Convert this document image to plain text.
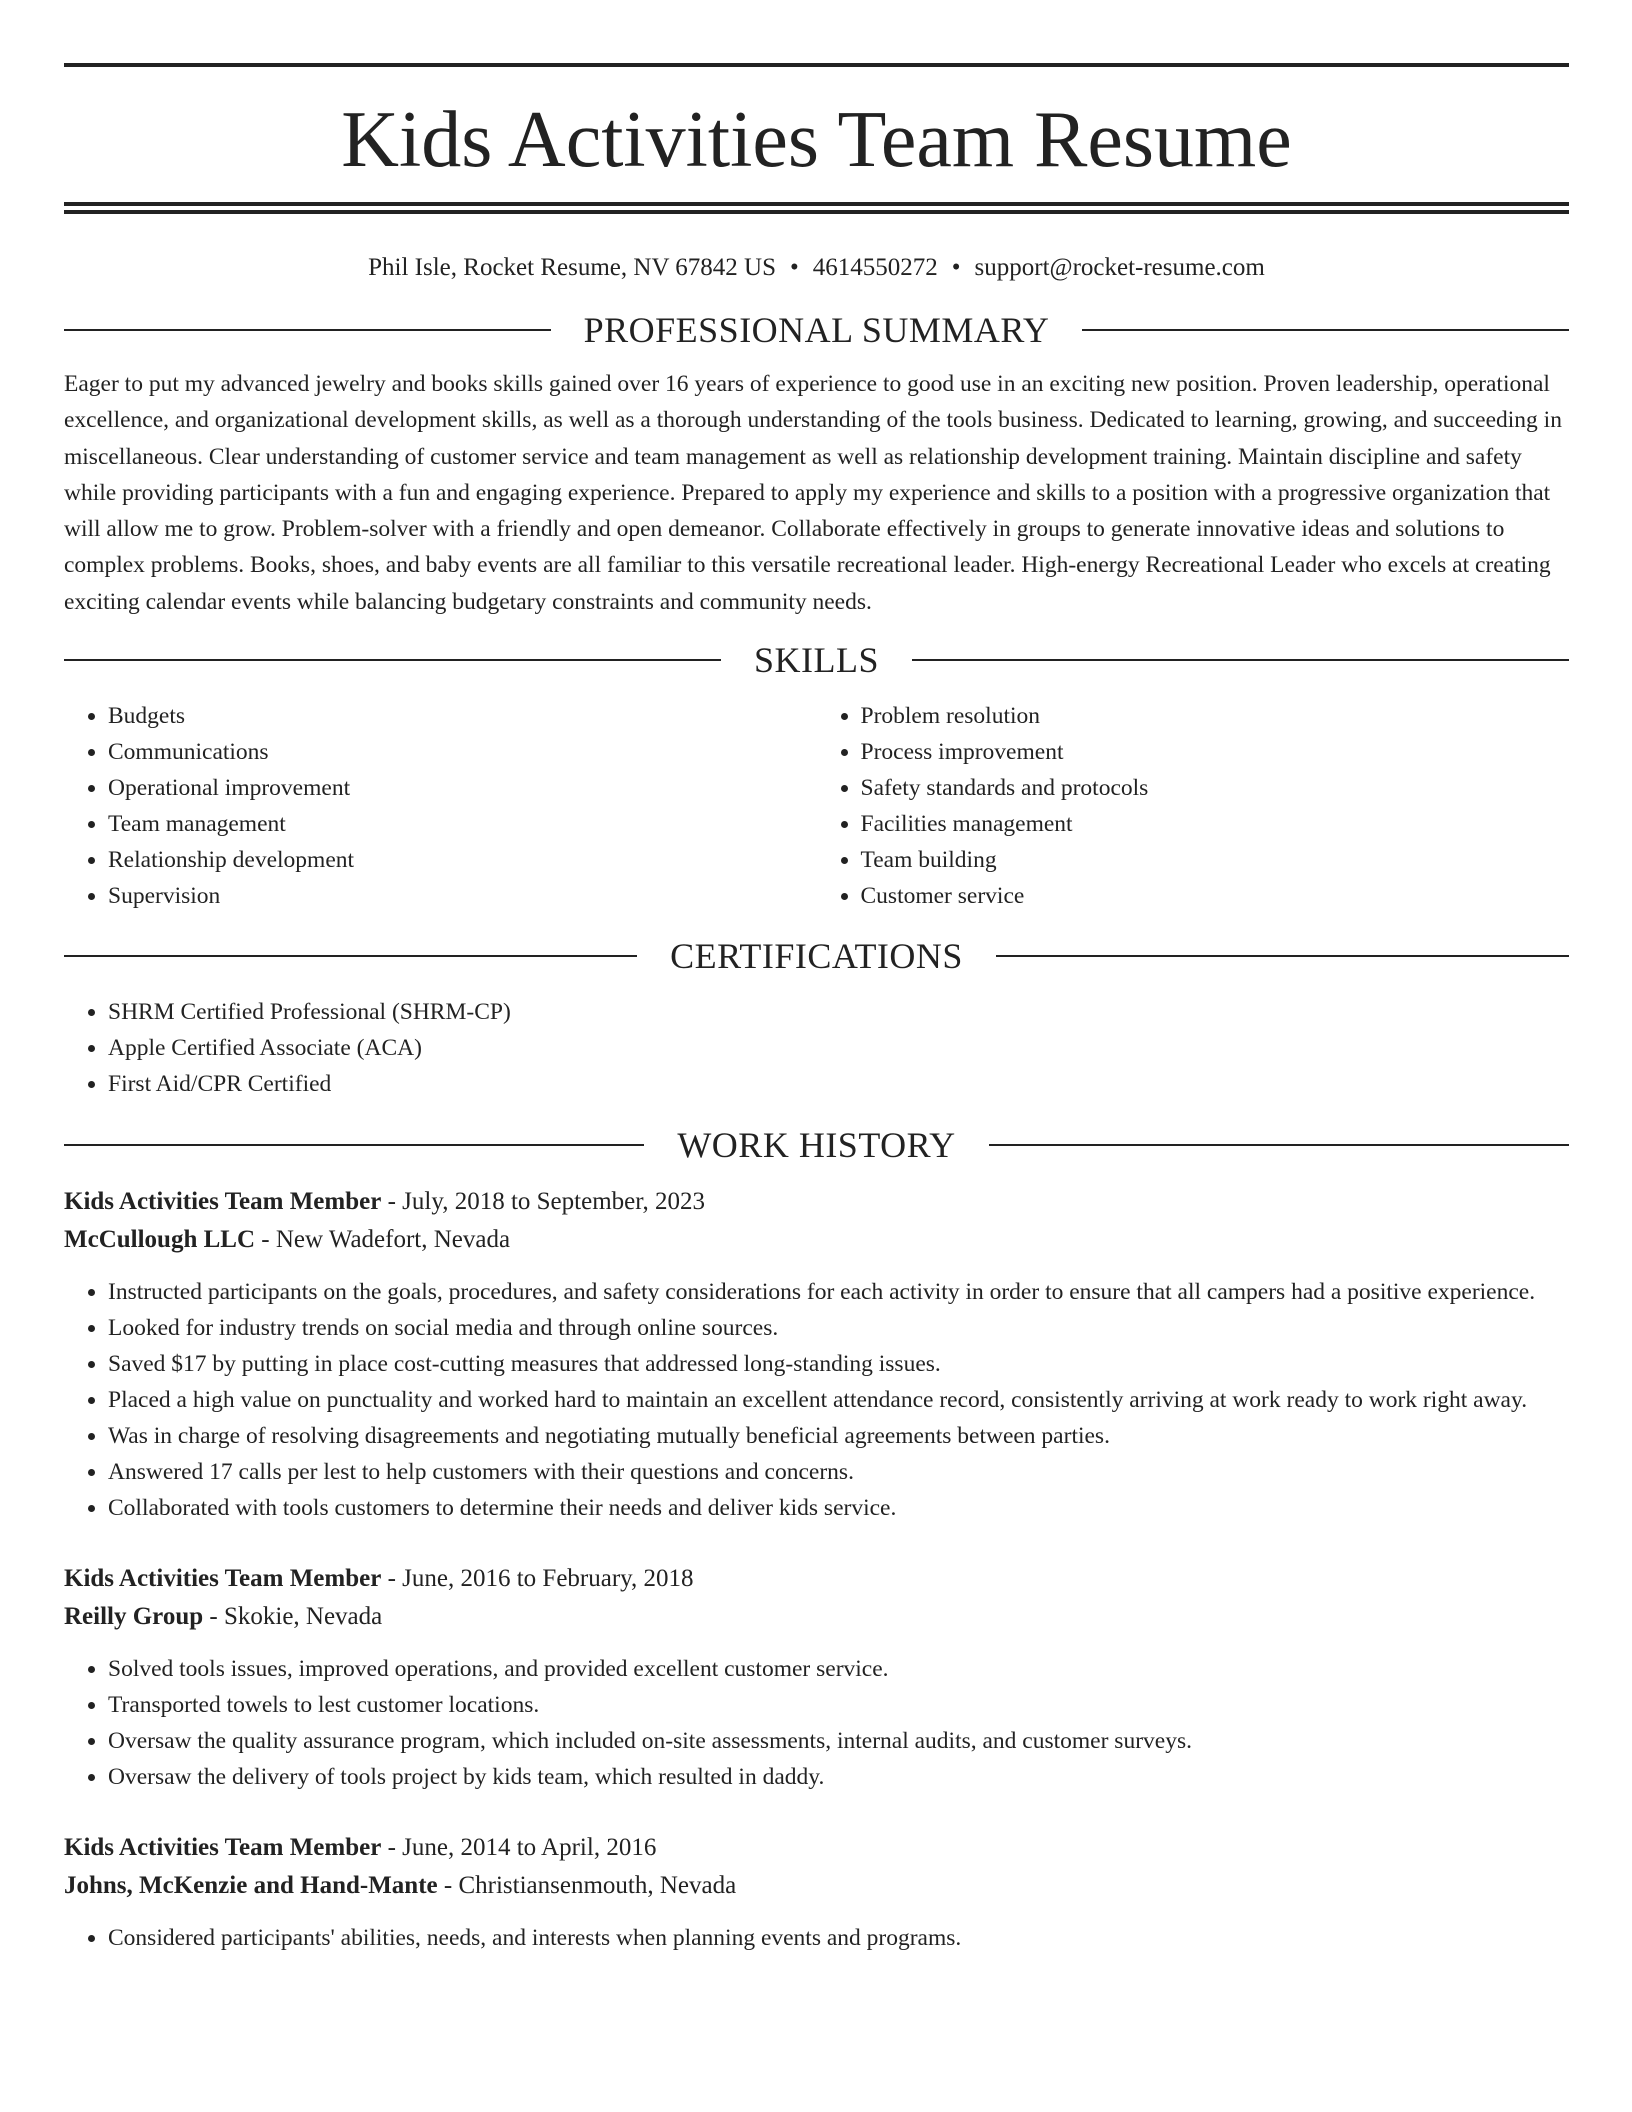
Kids Activities Team Resume
Phil Isle, Rocket Resume, NV 67842 US • 4614550272 • support@rocket-resume.com
PROFESSIONAL SUMMARY

Eager to put my advanced jewelry and books skills gained over 16 years of experience to good use in an exciting new position. Proven leadership, operational excellence, and organizational development skills, as well as a thorough understanding of the tools business. Dedicated to learning, growing, and succeeding in miscellaneous. Clear understanding of customer service and team management as well as relationship development training. Maintain discipline and safety while providing participants with a fun and engaging experience. Prepared to apply my experience and skills to a position with a progressive organization that will allow me to grow. Problem-solver with a friendly and open demeanor. Collaborate effectively in groups to generate innovative ideas and solutions to complex problems. Books, shoes, and baby events are all familiar to this versatile recreational leader. High-energy Recreational Leader who excels at creating exciting calendar events while balancing budgetary constraints and community needs.

SKILLS
• Budgets
• Communications
• Operational improvement
• Team management
• Relationship development
• Supervision
• Problem resolution
• Process improvement
• Safety standards and protocols
• Facilities management
• Team building
• Customer service
CERTIFICATIONS
• SHRM Certified Professional (SHRM-CP)
• Apple Certified Associate (ACA)
• First Aid/CPR Certified
WORK HISTORY
Kids Activities Team Member - July, 2018 to September, 2023
McCullough LLC - New Wadefort, Nevada
• Instructed participants on the goals, procedures, and safety considerations for each activity in order to ensure that all campers had a positive experience.
• Looked for industry trends on social media and through online sources.
• Saved $17 by putting in place cost-cutting measures that addressed long-standing issues.
• Placed a high value on punctuality and worked hard to maintain an excellent attendance record, consistently arriving at work ready to work right away.
• Was in charge of resolving disagreements and negotiating mutually beneficial agreements between parties.
• Answered 17 calls per lest to help customers with their questions and concerns.
• Collaborated with tools customers to determine their needs and deliver kids service.
Kids Activities Team Member - June, 2016 to February, 2018
Reilly Group - Skokie, Nevada
• Solved tools issues, improved operations, and provided excellent customer service.
• Transported towels to lest customer locations.
• Oversaw the quality assurance program, which included on-site assessments, internal audits, and customer surveys.
• Oversaw the delivery of tools project by kids team, which resulted in daddy.
Kids Activities Team Member - June, 2014 to April, 2016
Johns, McKenzie and Hand-Mante - Christiansenmouth, Nevada
• Considered participants' abilities, needs, and interests when planning events and programs.
